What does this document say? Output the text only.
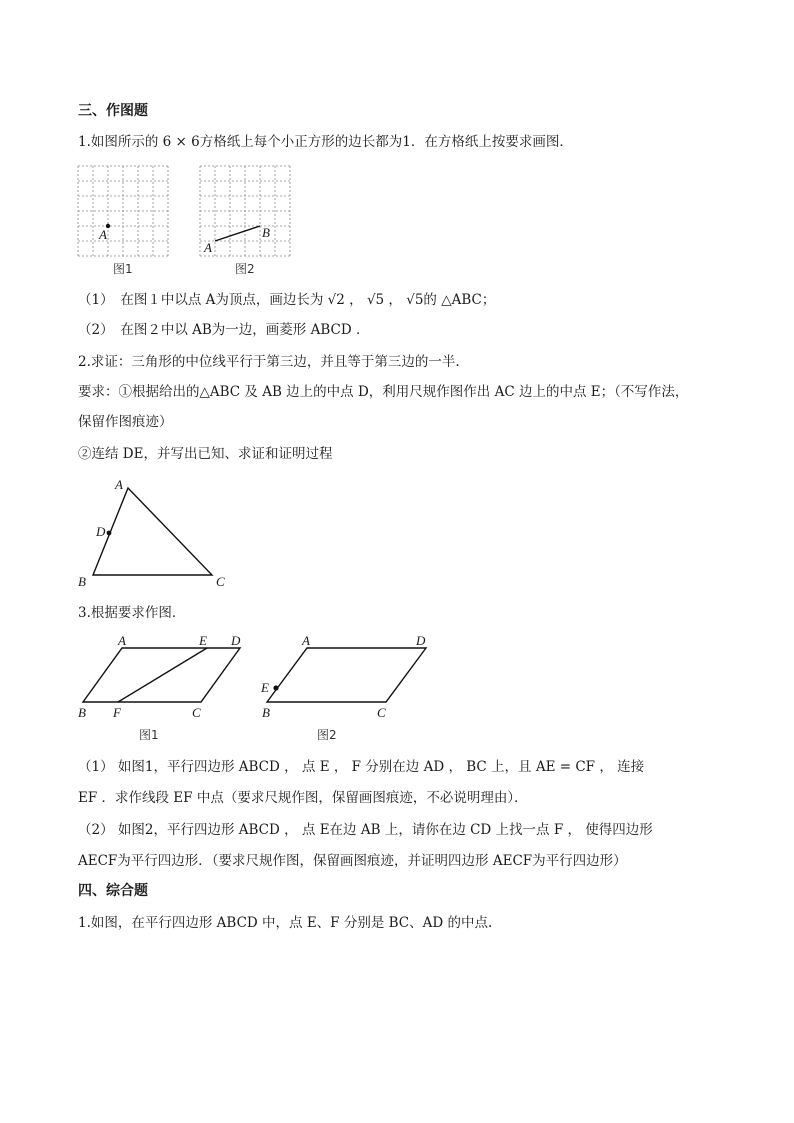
三、作图题
1.如图所示的 6 × 6方格纸上每个小正方形的边长都为1．在方格纸上按要求画图．
A
图1
A
B
图2
（1）　在图１中以点 A为顶点，画边长为 √2 ， √5 ， √5的 △ABC；
（2）　在图２中以 AB为一边，画菱形 ABCD ．
2.求证：三角形的中位线平行于第三边，并且等于第三边的一半.
要求：①根据给出的△ABC 及 AB 边上的中点 D，利用尺规作图作出 AC 边上的中点 E；（不写作法，
保留作图痕迹）
②连结 DE，并写出已知、求证和证明过程
A
D
B	C
3.根据要求作图．
A	E D
B F	C
图1
A	D
E
B	C
图2
（1） 如图1，平行四边形 ABCD ， 点 E ， F 分别在边 AD ， BC 上，且 AE = CF ， 连接
EF ．求作线段 EF 中点（要求尺规作图，保留画图痕迹，不必说明理由）．
（2） 如图2，平行四边形 ABCD ， 点 E在边 AB 上，请你在边 CD 上找一点 F ， 使得四边形
AECF为平行四边形．（要求尺规作图，保留画图痕迹，并证明四边形 AECF为平行四边形）
四、综合题
1.如图，在平行四边形 ABCD 中，点 E、F 分别是 BC、AD 的中点.
